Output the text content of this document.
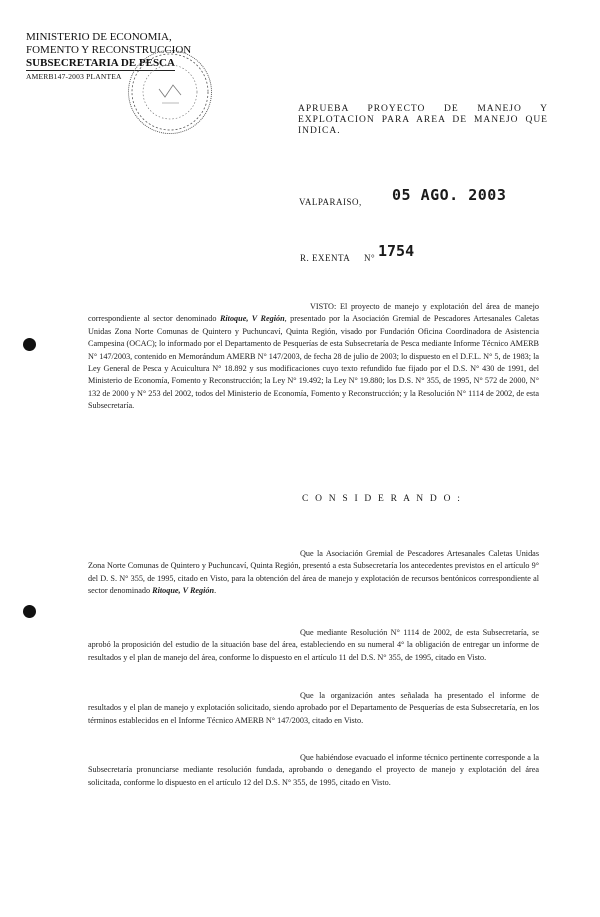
MINISTERIO DE ECONOMIA,
FOMENTO Y RECONSTRUCCION
SUBSECRETARIA DE PESCA
AMERB147-2003 PLANTEA
APRUEBA PROYECTO DE MANEJO Y
EXPLOTACION PARA AREA DE MANEJO QUE
INDICA.
VALPARAISO, 05 AGO. 2003
R. EXENTA N° 1754
VISTO: El proyecto de manejo y explotación del área de manejo correspondiente al sector denominado Ritoque, V Región, presentado por la Asociación Gremial de Pescadores Artesanales Caletas Unidas Zona Norte Comunas de Quintero y Puchuncaví, Quinta Región, visado por Fundación Oficina Coordinadora de Asistencia Campesina (OCAC); lo informado por el Departamento de Pesquerías de esta Subsecretaría de Pesca mediante Informe Técnico AMERB N° 147/2003, contenido en Memorándum AMERB N° 147/2003, de fecha 28 de julio de 2003; lo dispuesto en el D.F.L. N° 5, de 1983; la Ley General de Pesca y Acuicultura N° 18.892 y sus modificaciones cuyo texto refundido fue fijado por el D.S. N° 430 de 1991, del Ministerio de Economía, Fomento y Reconstrucción; la Ley N° 19.492; la Ley N° 19.880; los D.S. N° 355, de 1995, N° 572 de 2000, N° 132 de 2000 y N° 253 del 2002, todos del Ministerio de Economía, Fomento y Reconstrucción; y la Resolución N° 1114 de 2002, de esta Subsecretaría.
C O N S I D E R A N D O :
Que la Asociación Gremial de Pescadores Artesanales Caletas Unidas Zona Norte Comunas de Quintero y Puchuncaví, Quinta Región, presentó a esta Subsecretaría los antecedentes previstos en el artículo 9° del D. S. N° 355, de 1995, citado en Visto, para la obtención del área de manejo y explotación de recursos bentónicos correspondiente al sector denominado Ritoque, V Región.
Que mediante Resolución N° 1114 de 2002, de esta Subsecretaría, se aprobó la proposición del estudio de la situación base del área, estableciendo en su numeral 4° la obligación de entregar un informe de resultados y el plan de manejo del área, conforme lo dispuesto en el artículo 11 del D.S. N° 355, de 1995, citado en Visto.
Que la organización antes señalada ha presentado el informe de resultados y el plan de manejo y explotación solicitado, siendo aprobado por el Departamento de Pesquerías de esta Subsecretaría, en los términos establecidos en el Informe Técnico AMERB N° 147/2003, citado en Visto.
Que habiéndose evacuado el informe técnico pertinente corresponde a la Subsecretaría pronunciarse mediante resolución fundada, aprobando o denegando el proyecto de manejo y explotación del área solicitada, conforme lo dispuesto en el artículo 12 del D.S. N° 355, de 1995, citado en Visto.
